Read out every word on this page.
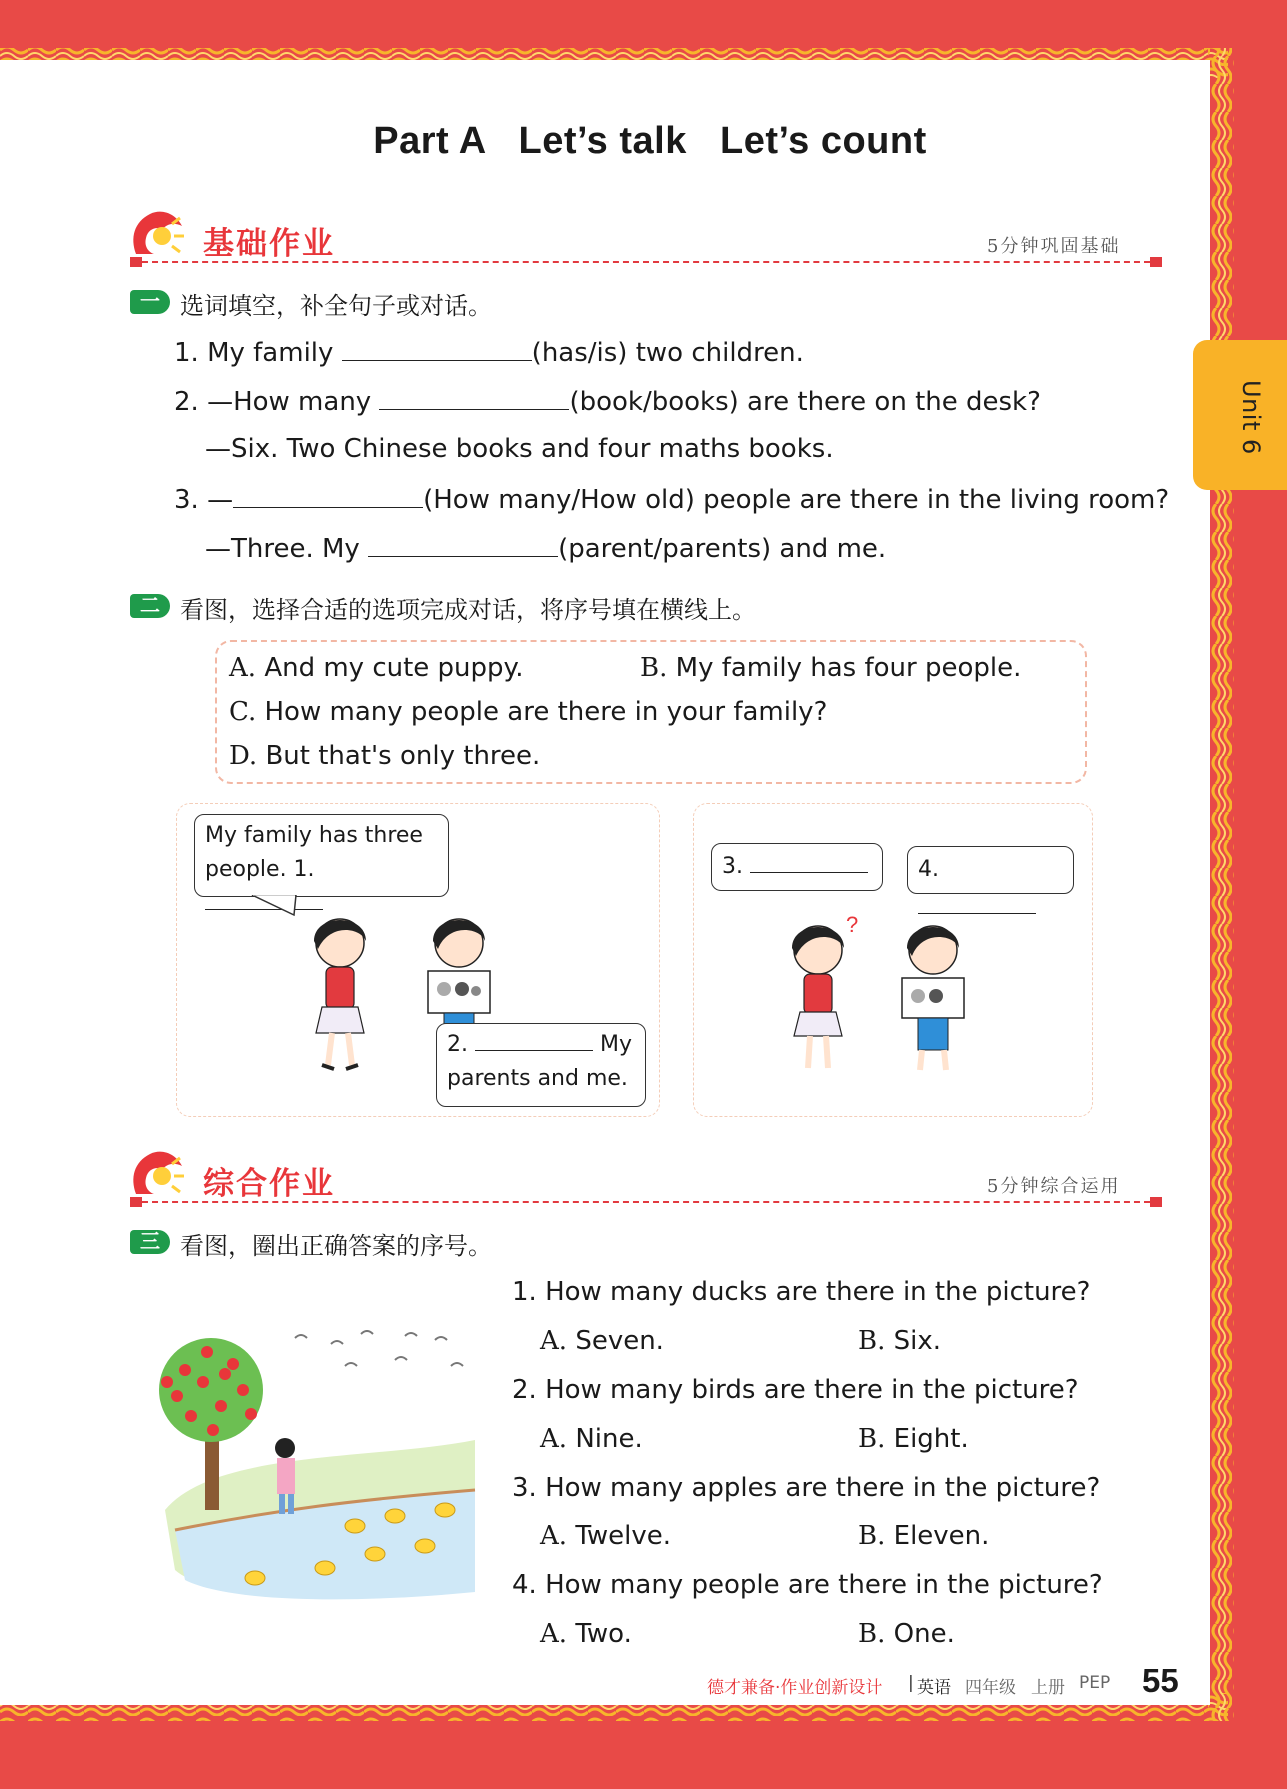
Unit 6
Part A   Let’s talk   Let’s count
基础作业	5分钟巩固基础
一 选词填空，补全句子或对话。
1. My family	(has/is) two children.
2. —How many	(book/books) are there on the desk?
—Six. Two Chinese books and four maths books.
3. —	(How many/How old) people are there in the living room?
—Three. My	(parent/parents) and me.
二 看图，选择合适的选项完成对话，将序号填在横线上。
A. And my cute puppy.	B. My family has four people.
C. How many people are there in your family?
D. But that's only three.
My family has three
people. 1.
2.	My
parents and me.
3.	4.
?
综合作业	5分钟综合运用
三 看图，圈出正确答案的序号。
1. How many ducks are there in the picture?
A. Seven.	B. Six.
2. How many birds are there in the picture?
A. Nine.	B. Eight.
3. How many apples are there in the picture?
A. Twelve.	B. Eleven.
4. How many people are there in the picture?
A. Two.	B. One.
德才兼备·作业创新设计 | 英语 四年级 上册 PEP 55
